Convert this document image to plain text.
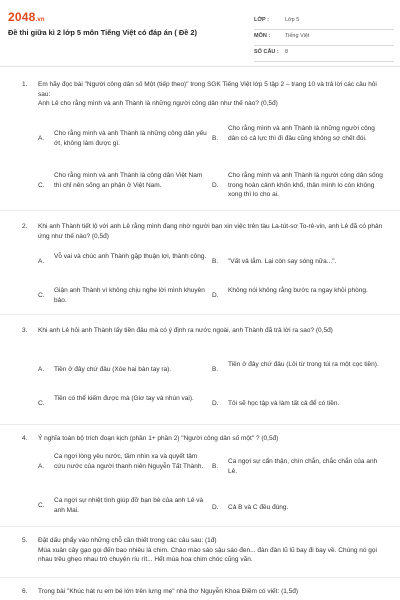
2048.vn
Đề thi giữa kì 2 lớp 5 môn Tiếng Việt có đáp án ( Đề 2)
LỚP :	Lớp 5
MÔN :	Tiếng Việt
SỐ CÂU : 8
1. Em hãy đọc bài "Người công dân số Một (tiếp theo)" trong SGK Tiếng Việt lớp 5 tập 2 – trang 10 và trả lời các câu hỏi sau:
Anh Lê cho rằng mình và anh Thành là những người công dân như thế nào? (0,5đ)
A.
Cho rằng mình và anh Thành là những công dân yếu ớt, không làm được gì.
B.
Cho rằng mình và anh Thành là những người công dân có cả lực thì đi đâu cũng không sợ chết đói.
C.
Cho rằng mình và anh Thành là công dân Việt Nam thì chỉ nên sống an phận ở Việt Nam.	D.
Cho rằng mình và anh Thành là người công dân sống trong hoàn cảnh khốn khổ, thân mình lo còn không xong thì lo cho ai.
2. Khi anh Thành tiết lộ với anh Lê rằng mình đang nhờ người bạn xin việc trên tàu La-tút-sơ To-rê-vin, anh Lê đã có phản ứng như thế nào? (0,5đ)
A.
Vỗ vai và chúc anh Thành gặp thuận lợi, thành công.
B. "Vất vả lắm. Lại còn say sóng nữa...".
C.
Giận anh Thành vì không chịu nghe lời mình khuyên bảo.
D.
Không nói không rằng bước ra ngay khỏi phòng.
3. Khi anh Lê hỏi anh Thành lấy tiền đâu mà có ý định ra nước ngoài, anh Thành đã trả lời ra sao? (0,5đ)
A. Tiền ở đây chứ đâu (Xòe hai bàn tay ra).	B.
Tiền ở đây chứ đâu (Lôi từ trong túi ra một cọc tiền).
C.
Tiền có thể kiếm được mà (Giơ tay và nhún vai).
D. Tôi sẽ học tập và làm tất cả để có tiền.
4. Ý nghĩa toàn bộ trích đoạn kịch (phần 1+ phần 2) "Người công dân số một" ? (0,5đ)
A.
Ca ngợi lòng yêu nước, tầm nhìn xa và quyết tâm cứu nước của người thanh niên Nguyễn Tất Thành.	B.
Ca ngợi sự cẩn thận, chín chắn, chắc chắn của anh Lê.
C.
Ca ngợi sự nhiệt tình giúp đỡ bạn bè của anh Lê và anh Mai.	D. Cả B và C đều đúng.
5. Đặt dấu phẩy vào những chỗ cần thiết trong các câu sau: (1đ)
Mùa xuân cây gạo gọi đến bao nhiêu là chim. Chào mào sáo sậu sáo đen... đàn đàn lũ lũ bay đi bay về. Chúng nó gọi nhau trêu ghẹo nhau trò chuyện ríu rít... Hết mùa hoa chim chóc cũng vãn.
6. Trong bài "Khúc hát ru em bé lớn trên lưng mẹ" nhà thơ Nguyễn Khoa Điềm có viết: (1,5đ)
